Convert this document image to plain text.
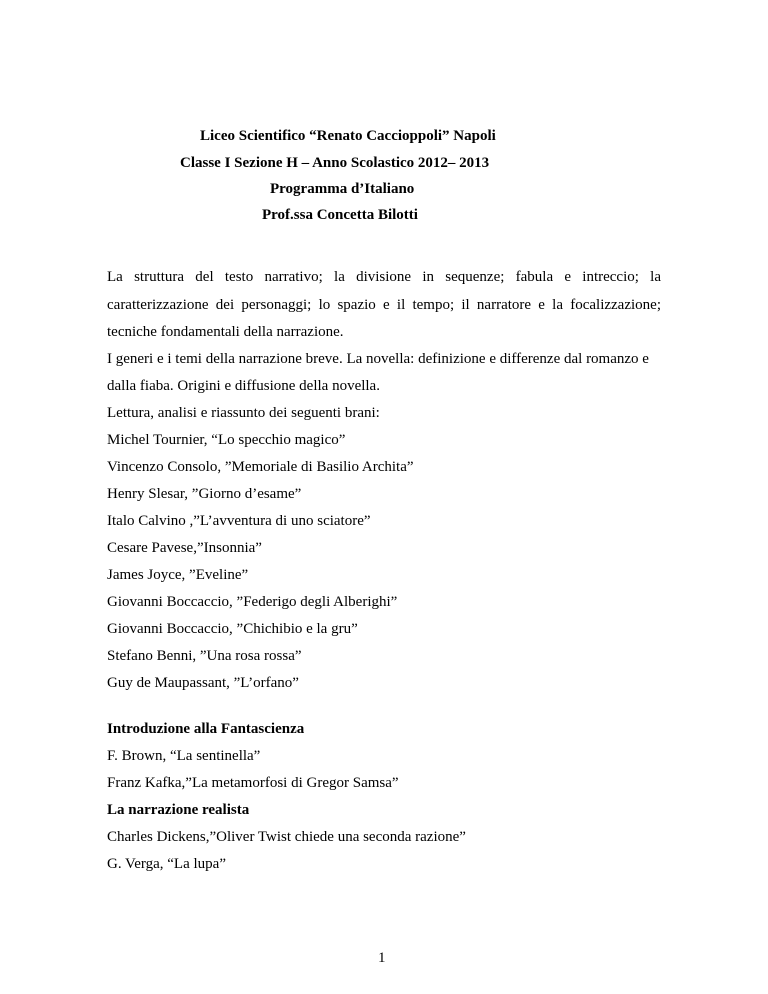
Liceo Scientifico “Renato Caccioppoli” Napoli
Classe I Sezione H – Anno Scolastico 2012– 2013
Programma d’Italiano
Prof.ssa Concetta Bilotti
La struttura del testo narrativo; la divisione in sequenze; fabula e intreccio; la
caratterizzazione dei personaggi; lo spazio e il tempo; il narratore e la focalizzazione;
tecniche fondamentali della narrazione.
I generi e i temi della narrazione breve. La novella: definizione e differenze dal romanzo e
dalla fiaba. Origini e diffusione della novella.
Lettura, analisi e riassunto dei seguenti brani:
Michel Tournier, “Lo specchio magico”
Vincenzo Consolo, ”Memoriale di Basilio Archita”
Henry Slesar, ”Giorno d’esame”
Italo Calvino ,”L’avventura di uno sciatore”
Cesare Pavese,”Insonnia”
James Joyce, ”Eveline”
Giovanni Boccaccio, ”Federigo degli Alberighi”
Giovanni Boccaccio, ”Chichibio e la gru”
Stefano Benni, ”Una rosa rossa”
Guy de Maupassant, ”L’orfano”
Introduzione alla Fantascienza
F. Brown, “La sentinella”
Franz Kafka,”La metamorfosi di Gregor Samsa”
La narrazione realista
Charles Dickens,”Oliver Twist chiede una seconda razione”
G. Verga, “La lupa”
1
